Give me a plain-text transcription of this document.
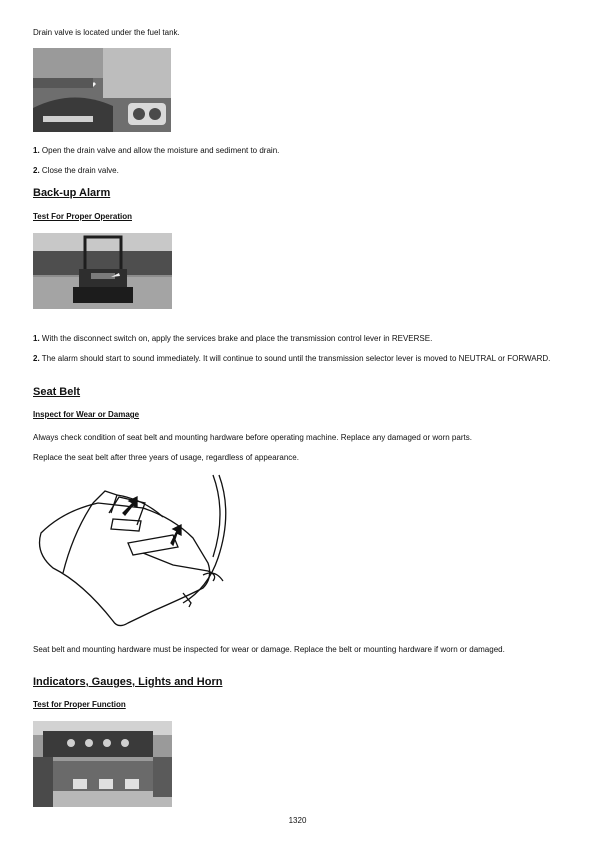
Drain valve is located under the fuel tank.

1. Open the drain valve and allow the moisture and sediment to drain.

2. Close the drain valve.

Back-up Alarm
Test For Proper Operation

1. With the disconnect switch on, apply the services brake and place the transmission control lever in REVERSE.

2. The alarm should start to sound immediately. It will continue to sound until the transmission selector lever is moved to NEUTRAL or FORWARD.

Seat Belt
Inspect for Wear or Damage

Always check condition of seat belt and mounting hardware before operating machine. Replace any damaged or worn parts.

Replace the seat belt after three years of usage, regardless of appearance.

Seat belt and mounting hardware must be inspected for wear or damage. Replace the belt or mounting hardware if worn or damaged.

Indicators, Gauges, Lights and Horn
Test for Proper Function
1320
